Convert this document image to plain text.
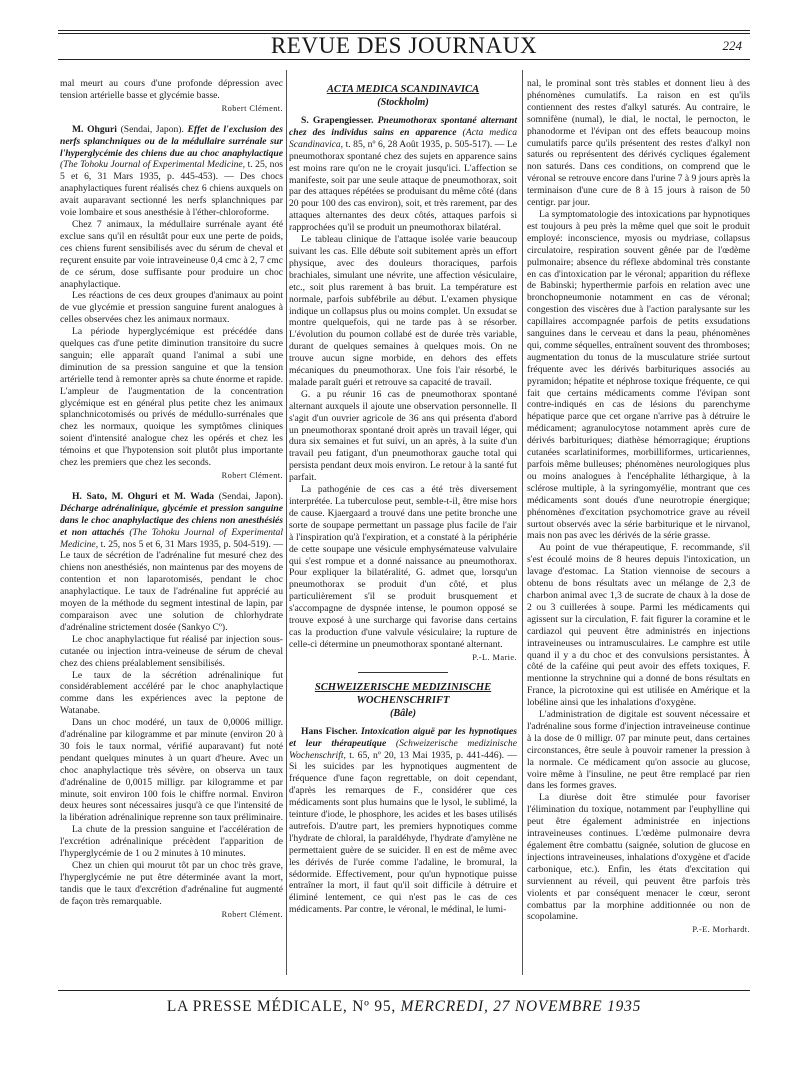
REVUE DES JOURNAUX	224

mal meurt au cours d'une profonde dépression avec tension artérielle basse et glycémie basse.

Robert Clément.

M. Ohguri (Sendai, Japon). Effet de l'exclusion des nerfs splanchniques ou de la médullaire surrénale sur l'hyperglycémie des chiens due au choc anaphylactique (The Tohoku Journal of Experimental Medicine, t. 25, nos 5 et 6, 31 Mars 1935, p. 445-453). — Des chocs anaphylactiques furent réalisés chez 6 chiens auxquels on avait auparavant sectionné les nerfs splanchniques par voie lombaire et sous anesthésie à l'éther-chloroforme.

Chez 7 animaux, la médullaire surrénale ayant été exclue sans qu'il en résultât pour eux une perte de poids, ces chiens furent sensibilisés avec du sérum de cheval et reçurent ensuite par voie intraveineuse 0,4 cmc à 2, 7 cmc de ce sérum, dose suffisante pour produire un choc anaphylactique.

Les réactions de ces deux groupes d'animaux au point de vue glycémie et pression sanguine furent analogues à celles observées chez les animaux normaux.

La période hyperglycémique est précédée dans quelques cas d'une petite diminution transitoire du sucre sanguin; elle apparaît quand l'animal a subi une diminution de sa pression sanguine et que la tension artérielle tend à remonter après sa chute énorme et rapide. L'ampleur de l'augmentation de la concentration glycémique est en général plus petite chez les animaux splanchnicotomisés ou privés de médullo-surrénales que chez les normaux, quoique les symptômes cliniques soient d'intensité analogue chez les opérés et chez les témoins et que l'hypotension soit plutôt plus importante chez les premiers que chez les seconds.

Robert Clément.

H. Sato, M. Ohguri et M. Wada (Sendai, Japon). Décharge adrénalinique, glycémie et pression sanguine dans le choc anaphylactique des chiens non anesthésiés et non attachés (The Tohoku Journal of Experimental Medicine, t. 25, nos 5 et 6, 31 Mars 1935, p. 504-519). — Le taux de sécrétion de l'adrénaline fut mesuré chez des chiens non anesthésiés, non maintenus par des moyens de contention et non laparotomisés, pendant le choc anaphylactique. Le taux de l'adrénaline fut apprécié au moyen de la méthode du segment intestinal de lapin, par comparaison avec une solution de chlorhydrate d'adrénaline strictement dosée (Sankyo Cº).

Le choc anaphylactique fut réalisé par injection sous-cutanée ou injection intra-veineuse de sérum de cheval chez des chiens préalablement sensibilisés.

Le taux de la sécrétion adrénalinique fut considérablement accéléré par le choc anaphylactique comme dans les expériences avec la peptone de Watanabe.

Dans un choc modéré, un taux de 0,0006 milligr. d'adrénaline par kilogramme et par minute (environ 20 à 30 fois le taux normal, vérifié auparavant) fut noté pendant quelques minutes à un quart d'heure. Avec un choc anaphylactique très sévère, on observa un taux d'adrénaline de 0,0015 milligr. par kilogramme et par minute, soit environ 100 fois le chiffre normal. Environ deux heures sont nécessaires jusqu'à ce que l'intensité de la libération adrénalinique reprenne son taux préliminaire.

La chute de la pression sanguine et l'accélération de l'excrétion adrénalinique précèdent l'apparition de l'hyperglycémie de 1 ou 2 minutes à 10 minutes.

Chez un chien qui mourut tôt par un choc très grave, l'hyperglycémie ne put être déterminée avant la mort, tandis que le taux d'excrétion d'adrénaline fut augmenté de façon très remarquable.

Robert Clément.
ACTA MEDICA SCANDINAVICA
(Stockholm)

S. Grapengiesser. Pneumothorax spontané alternant chez des individus sains en apparence (Acta medica Scandinavica, t. 85, nº 6, 28 Août 1935, p. 505-517). — Le pneumothorax spontané chez des sujets en apparence sains est moins rare qu'on ne le croyait jusqu'ici. L'affection se manifeste, soit par une seule attaque de pneumothorax, soit par des attaques répétées se produisant du même côté (dans 20 pour 100 des cas environ), soit, et très rarement, par des attaques alternantes des deux côtés, attaques parfois si rapprochées qu'il se produit un pneumothorax bilatéral.

Le tableau clinique de l'attaque isolée varie beaucoup suivant les cas. Elle débute soit subitement après un effort physique, avec des douleurs thoraciques, parfois brachiales, simulant une névrite, une affection vésiculaire, etc., soit plus rarement à bas bruit. La température est normale, parfois subfébrile au début. L'examen physique indique un collapsus plus ou moins complet. Un exsudat se montre quelquefois, qui ne tarde pas à se résorber. L'évolution du poumon collabé est de durée très variable, durant de quelques semaines à quelques mois. On ne trouve aucun signe morbide, en dehors des effets mécaniques du pneumothorax. Une fois l'air résorbé, le malade paraît guéri et retrouve sa capacité de travail.

G. a pu réunir 16 cas de pneumothorax spontané alternant auxquels il ajoute une observation personnelle. Il s'agit d'un ouvrier agricole de 36 ans qui présenta d'abord un pneumothorax spontané droit après un travail léger, qui dura six semaines et fut suivi, un an après, à la suite d'un travail peu fatigant, d'un pneumothorax gauche total qui persista pendant deux mois environ. Le retour à la santé fut parfait.

La pathogénie de ces cas a été très diversement interprétée. La tuberculose peut, semble-t-il, être mise hors de cause. Kjaergaard a trouvé dans une petite bronche une sorte de soupape permettant un passage plus facile de l'air à l'inspiration qu'à l'expiration, et a constaté à la périphérie de cette soupape une vésicule emphysémateuse valvulaire qui s'est rompue et a donné naissance au pneumothorax. Pour expliquer la bilatéralité, G. admet que, lorsqu'un pneumothorax se produit d'un côté, et plus particulièrement s'il se produit brusquement et s'accompagne de dyspnée intense, le poumon opposé se trouve exposé à une surcharge qui favorise dans certains cas la production d'une valvule vésiculaire; la rupture de celle-ci détermine un pneumothorax spontané alternant.

P.-L. Marie.
SCHWEIZERISCHE MEDIZINISCHE
WOCHENSCHRIFT
(Bâle)

Hans Fischer. Intoxication aiguë par les hypnotiques et leur thérapeutique (Schweizerische medizinische Wochenschrift, t. 65, nº 20, 13 Mai 1935, p. 441-446). — Si les suicides par les hypnotiques augmentent de fréquence d'une façon regrettable, on doit cependant, d'après les remarques de F., considérer que ces médicaments sont plus humains que le lysol, le sublimé, la teinture d'iode, le phosphore, les acides et les bases utilisés autrefois. D'autre part, les premiers hypnotiques comme l'hydrate de chloral, la paraldéhyde, l'hydrate d'amylène ne permettaient guère de se suicider. Il en est de même avec les dérivés de l'urée comme l'adaline, le bromural, la sédormide. Effectivement, pour qu'un hypnotique puisse entraîner la mort, il faut qu'il soit difficile à détruire et éliminé lentement, ce qui n'est pas le cas de ces médicaments. Par contre, le véronal, le médinal, le lumi-

nal, le prominal sont très stables et donnent lieu à des phénomènes cumulatifs. La raison en est qu'ils contiennent des restes d'alkyl saturés. Au contraire, le somnifène (numal), le dial, le noctal, le pernocton, le phanodorme et l'évipan ont des effets beaucoup moins cumulatifs parce qu'ils présentent des restes d'alkyl non saturés ou représentent des dérivés cycliques également non saturés. Dans ces conditions, on comprend que le véronal se retrouve encore dans l'urine 7 à 9 jours après la terminaison d'une cure de 8 à 15 jours à raison de 50 centigr. par jour.

La symptomatologie des intoxications par hypnotiques est toujours à peu près la même quel que soit le produit employé: inconscience, myosis ou mydriase, collapsus circulatoire, respiration souvent gênée par de l'œdème pulmonaire; absence du réflexe abdominal très constante en cas d'intoxication par le véronal; apparition du réflexe de Babinski; hyperthermie parfois en relation avec une bronchopneumonie notamment en cas de véronal; congestion des viscères due à l'action paralysante sur les capillaires accompagnée parfois de petits exsudations sanguines dans le cerveau et dans la peau, phénomènes qui, comme séquelles, entraînent souvent des thromboses; augmentation du tonus de la musculature striée surtout fréquente avec les dérivés barbituriques associés au pyramidon; hépatite et néphrose toxique fréquente, ce qui fait que certains médicaments comme l'évipan sont contre-indiqués en cas de lésions du parenchyme hépatique parce que cet organe n'arrive pas à détruire le médicament; agranulocytose notamment après cure de dérivés barbituriques; diathèse hémorragique; éruptions cutanées scarlatiniformes, morbilliformes, urticariennes, parfois même bulleuses; phénomènes neurologiques plus ou moins analogues à l'encéphalite léthargique, à la sclérose multiple, à la syringomyélie, montrant que ces médicaments sont doués d'une neurotropie énergique; phénomènes d'excitation psychomotrice grave au réveil surtout observés avec la série barbiturique et le nirvanol, mais non pas avec les dérivés de la série grasse.

Au point de vue thérapeutique, F. recommande, s'il s'est écoulé moins de 8 heures depuis l'intoxication, un lavage d'estomac. La Station viennoise de secours a obtenu de bons résultats avec un mélange de 2,3 de charbon animal avec 1,3 de sucrate de chaux à la dose de 2 ou 3 cuillerées à soupe. Parmi les médicaments qui agissent sur la circulation, F. fait figurer la coramine et le cardiazol qui peuvent être administrés en injections intraveineuses ou intramusculaires. Le camphre est utile quand il y a du choc et des convulsions persistantes. À côté de la caféine qui peut avoir des effets toxiques, F. mentionne la strychnine qui a donné de bons résultats en France, la picrotoxine qui est utilisée en Amérique et la lobéline ainsi que les inhalations d'oxygène.

L'administration de digitale est souvent nécessaire et l'adrénaline sous forme d'injection intraveineuse continue à la dose de 0 milligr. 07 par minute peut, dans certaines circonstances, être seule à pouvoir ramener la pression à la normale. Ce médicament qu'on associe au glucose, voire même à l'insuline, ne peut être remplacé par rien dans les formes graves.

La diurèse doit être stimulée pour favoriser l'élimination du toxique, notamment par l'euphylline qui peut être également administrée en injections intraveineuses continues. L'œdème pulmonaire devra également être combattu (saignée, solution de glucose en injections intraveineuses, inhalations d'oxygène et d'acide carbonique, etc.). Enfin, les états d'excitation qui surviennent au réveil, qui peuvent être parfois très violents et par conséquent menacer le cœur, seront combattus par la morphine additionnée ou non de scopolamine.

P.-E. Morhardt.
LA PRESSE MÉDICALE, Nº 95, MERCREDI, 27 NOVEMBRE 1935
